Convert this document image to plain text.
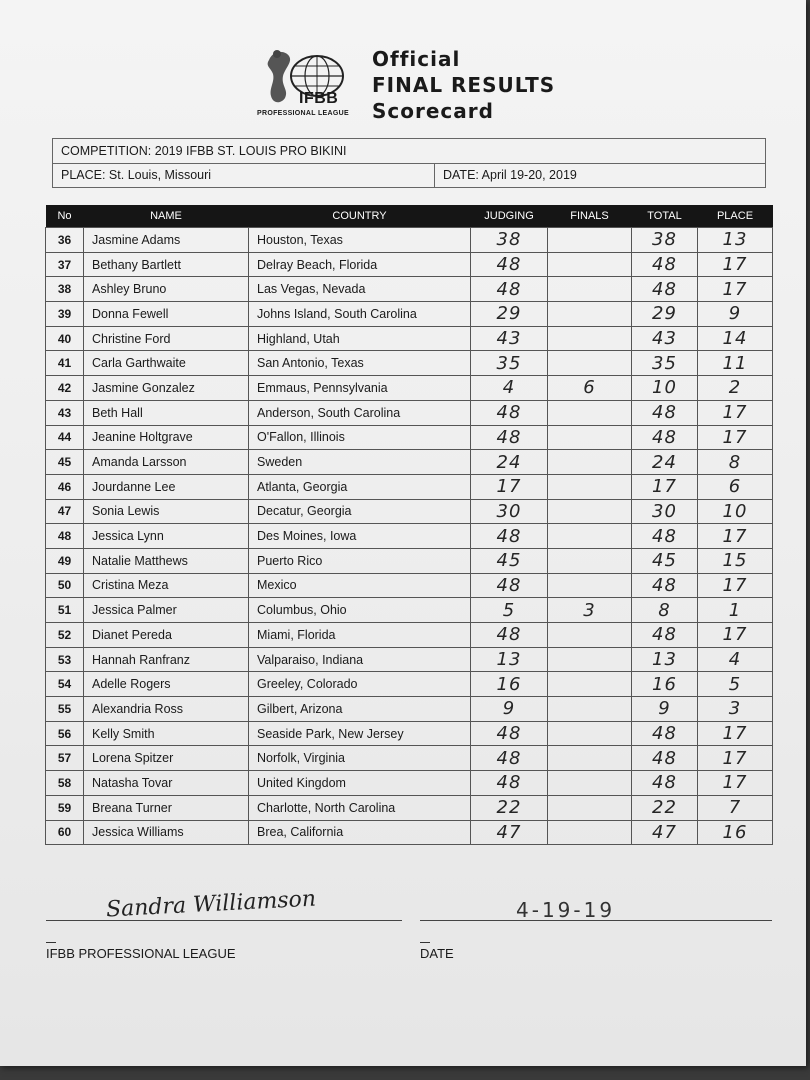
IFBB
PROFESSIONAL LEAGUE
Official
FINAL RESULTS
Scorecard
COMPETITION: 2019 IFBB ST. LOUIS PRO BIKINI
PLACE: St. Louis, Missouri	DATE: April 19-20, 2019
No	NAME	COUNTRY	JUDGING	FINALS	TOTAL	PLACE
36	Jasmine Adams	Houston, Texas	38		38	13
37	Bethany Bartlett	Delray Beach, Florida	48		48	17
38	Ashley Bruno	Las Vegas, Nevada	48		48	17
39	Donna Fewell	Johns Island, South Carolina	29		29	9
40	Christine Ford	Highland, Utah	43		43	14
41	Carla Garthwaite	San Antonio, Texas	35		35	11
42	Jasmine Gonzalez	Emmaus, Pennsylvania	4	6	10	2
43	Beth Hall	Anderson, South Carolina	48		48	17
44	Jeanine Holtgrave	O'Fallon, Illinois	48		48	17
45	Amanda Larsson	Sweden	24		24	8
46	Jourdanne Lee	Atlanta, Georgia	17		17	6
47	Sonia Lewis	Decatur, Georgia	30		30	10
48	Jessica Lynn	Des Moines, Iowa	48		48	17
49	Natalie Matthews	Puerto Rico	45		45	15
50	Cristina Meza	Mexico	48		48	17
51	Jessica Palmer	Columbus, Ohio	5	3	8	1
52	Dianet Pereda	Miami, Florida	48		48	17
53	Hannah Ranfranz	Valparaiso, Indiana	13		13	4
54	Adelle Rogers	Greeley, Colorado	16		16	5
55	Alexandria Ross	Gilbert, Arizona	9		9	3
56	Kelly Smith	Seaside Park, New Jersey	48		48	17
57	Lorena Spitzer	Norfolk, Virginia	48		48	17
58	Natasha Tovar	United Kingdom	48		48	17
59	Breana Turner	Charlotte, North Carolina	22		22	7
60	Jessica Williams	Brea, California	47		47	16
Sandra Williamson	4-19-19
IFBB PROFESSIONAL LEAGUE	DATE
